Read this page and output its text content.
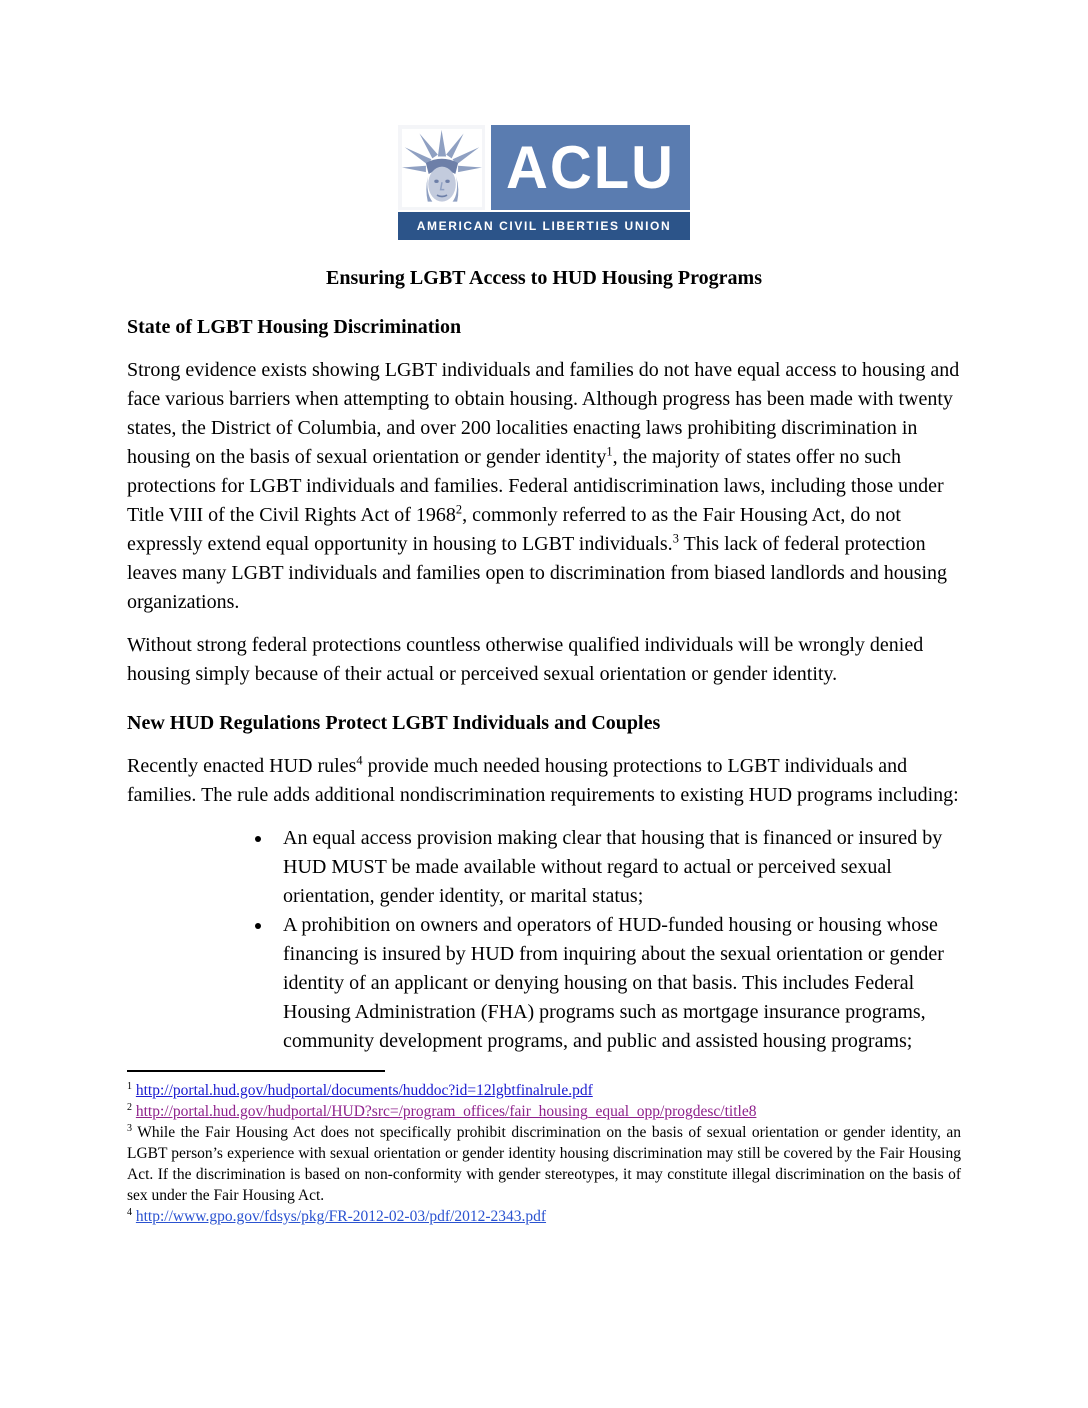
ACLU
AMERICAN CIVIL LIBERTIES UNION
Ensuring LGBT Access to HUD Housing Programs
State of LGBT Housing Discrimination

Strong evidence exists showing LGBT individuals and families do not have equal access to housing and face various barriers when attempting to obtain housing. Although progress has been made with twenty states, the District of Columbia, and over 200 localities enacting laws prohibiting discrimination in housing on the basis of sexual orientation or gender identity$^1$, the majority of states offer no such protections for LGBT individuals and families. Federal antidiscrimination laws, including those under Title VIII of the Civil Rights Act of 1968$^2$, commonly referred to as the Fair Housing Act, do not expressly extend equal opportunity in housing to LGBT individuals.$^3$ This lack of federal protection leaves many LGBT individuals and families open to discrimination from biased landlords and housing organizations.

Without strong federal protections countless otherwise qualified individuals will be wrongly denied housing simply because of their actual or perceived sexual orientation or gender identity.

New HUD Regulations Protect LGBT Individuals and Couples

Recently enacted HUD rules$^4$ provide much needed housing protections to LGBT individuals and families. The rule adds additional nondiscrimination requirements to existing HUD programs including:

• An equal access provision making clear that housing that is financed or insured by HUD MUST be made available without regard to actual or perceived sexual orientation, gender identity, or marital status;
• A prohibition on owners and operators of HUD-funded housing or housing whose financing is insured by HUD from inquiring about the sexual orientation or gender identity of an applicant or denying housing on that basis. This includes Federal Housing Administration (FHA) programs such as mortgage insurance programs, community development programs, and public and assisted housing programs;
$^1$ http://portal.hud.gov/hudportal/documents/huddoc?id=12lgbtfinalrule.pdf
$^2$ http://portal.hud.gov/hudportal/HUD?src=/program_offices/fair_housing_equal_opp/progdesc/title8
$^3$ While the Fair Housing Act does not specifically prohibit discrimination on the basis of sexual orientation or gender identity, an LGBT person’s experience with sexual orientation or gender identity housing discrimination may still be covered by the Fair Housing Act. If the discrimination is based on non-conformity with gender stereotypes, it may constitute illegal discrimination on the basis of sex under the Fair Housing Act.
$^4$ http://www.gpo.gov/fdsys/pkg/FR-2012-02-03/pdf/2012-2343.pdf
